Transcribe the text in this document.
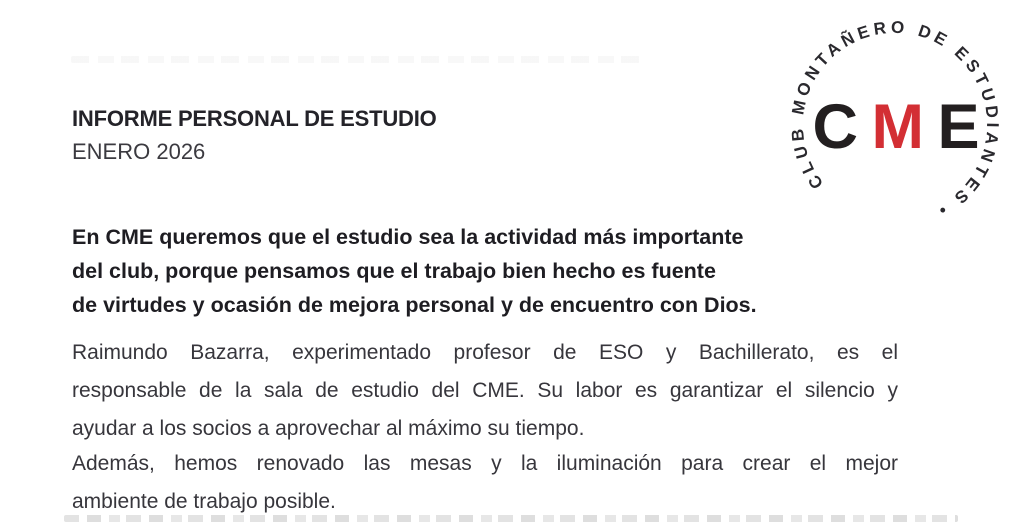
INFORME PERSONAL DE ESTUDIO
ENERO 2026
CLUB MONTAÑERO DE ESTUDIANTES •
C M E
En CME queremos que el estudio sea la actividad más importante
del club, porque pensamos que el trabajo bien hecho es fuente
de virtudes y ocasión de mejora personal y de encuentro con Dios.
Raimundo Bazarra, experimentado profesor de ESO y Bachillerato, es el
responsable de la sala de estudio del CME. Su labor es garantizar el silencio y
ayudar a los socios a aprovechar al máximo su tiempo.
Además, hemos renovado las mesas y la iluminación para crear el mejor
ambiente de trabajo posible.
